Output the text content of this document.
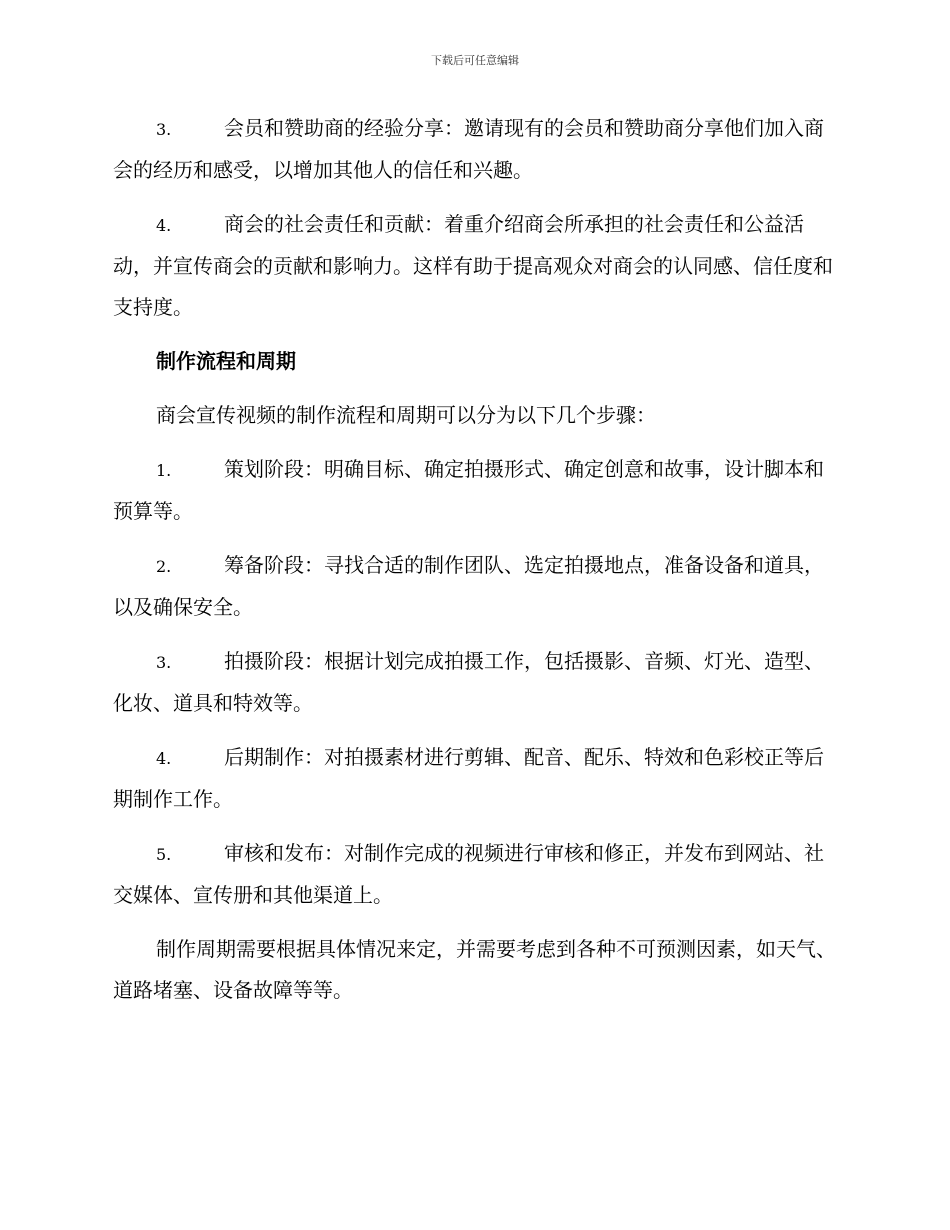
下载后可任意编辑

3.	会员和赞助商的经验分享：邀请现有的会员和赞助商分享他们加入商会的经历和感受，以增加其他人的信任和兴趣。

4.	商会的社会责任和贡献：着重介绍商会所承担的社会责任和公益活动，并宣传商会的贡献和影响力。这样有助于提高观众对商会的认同感、信任度和支持度。

制作流程和周期

商会宣传视频的制作流程和周期可以分为以下几个步骤：

1.	策划阶段：明确目标、确定拍摄形式、确定创意和故事，设计脚本和预算等。

2.	筹备阶段：寻找合适的制作团队、选定拍摄地点，准备设备和道具，以及确保安全。

3.	拍摄阶段：根据计划完成拍摄工作，包括摄影、音频、灯光、造型、化妆、道具和特效等。

4.	后期制作：对拍摄素材进行剪辑、配音、配乐、特效和色彩校正等后期制作工作。

5.	审核和发布：对制作完成的视频进行审核和修正，并发布到网站、社交媒体、宣传册和其他渠道上。

制作周期需要根据具体情况来定，并需要考虑到各种不可预测因素，如天气、道路堵塞、设备故障等等。
